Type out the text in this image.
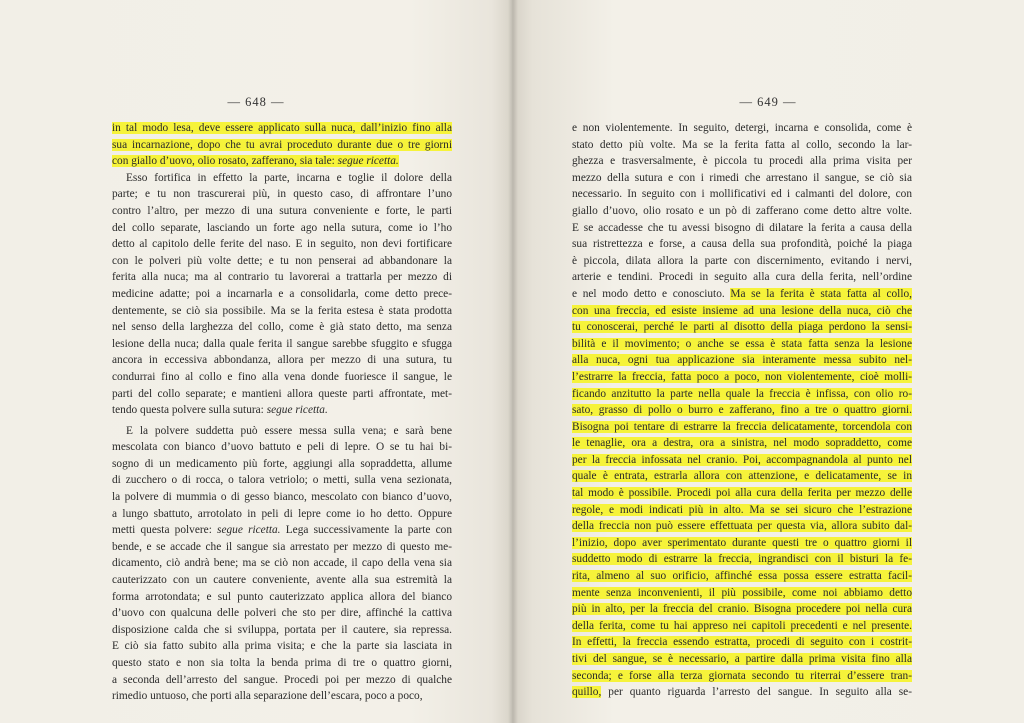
— 648 —
in tal modo lesa, deve essere applicato sulla nuca, dall’inizio fino alla
sua incarnazione, dopo che tu avrai proceduto durante due o tre giorni
con giallo d’uovo, olio rosato, zafferano, sia tale: segue ricetta.
Esso fortifica in effetto la parte, incarna e toglie il dolore della
parte; e tu non trascurerai più, in questo caso, di affrontare l’uno
contro l’altro, per mezzo di una sutura conveniente e forte, le parti
del collo separate, lasciando un forte ago nella sutura, come io l’ho
detto al capitolo delle ferite del naso. E in seguito, non devi fortificare
con le polveri più volte dette; e tu non penserai ad abbandonare la
ferita alla nuca; ma al contrario tu lavorerai a trattarla per mezzo di
medicine adatte; poi a incarnarla e a consolidarla, come detto prece-
dentemente, se ciò sia possibile. Ma se la ferita estesa è stata prodotta
nel senso della larghezza del collo, come è già stato detto, ma senza
lesione della nuca; dalla quale ferita il sangue sarebbe sfuggito e sfugga
ancora in eccessiva abbondanza, allora per mezzo di una sutura, tu
condurrai fino al collo e fino alla vena donde fuoriesce il sangue, le
parti del collo separate; e mantieni allora queste parti affrontate, met-
tendo questa polvere sulla sutura: segue ricetta.
E la polvere suddetta può essere messa sulla vena; e sarà bene
mescolata con bianco d’uovo battuto e peli di lepre. O se tu hai bi-
sogno di un medicamento più forte, aggiungi alla sopraddetta, allume
di zucchero o di rocca, o talora vetriolo; o metti, sulla vena sezionata,
la polvere di mummia o di gesso bianco, mescolato con bianco d’uovo,
a lungo sbattuto, arrotolato in peli di lepre come io ho detto. Oppure
metti questa polvere: segue ricetta. Lega successivamente la parte con
bende, e se accade che il sangue sia arrestato per mezzo di questo me-
dicamento, ciò andrà bene; ma se ciò non accade, il capo della vena sia
cauterizzato con un cautere conveniente, avente alla sua estremità la
forma arrotondata; e sul punto cauterizzato applica allora del bianco
d’uovo con qualcuna delle polveri che sto per dire, affinché la cattiva
disposizione calda che si sviluppa, portata per il cautere, sia repressa.
E ciò sia fatto subito alla prima visita; e che la parte sia lasciata in
questo stato e non sia tolta la benda prima di tre o quattro giorni,
a seconda dell’arresto del sangue. Procedi poi per mezzo di qualche
rimedio untuoso, che porti alla separazione dell’escara, poco a poco,
— 649 —
e non violentemente. In seguito, detergi, incarna e consolida, come è
stato detto più volte. Ma se la ferita fatta al collo, secondo la lar-
ghezza e trasversalmente, è piccola tu procedi alla prima visita per
mezzo della sutura e con i rimedi che arrestano il sangue, se ciò sia
necessario. In seguito con i mollificativi ed i calmanti del dolore, con
giallo d’uovo, olio rosato e un pò di zafferano come detto altre volte.
E se accadesse che tu avessi bisogno di dilatare la ferita a causa della
sua ristrettezza e forse, a causa della sua profondità, poiché la piaga
è piccola, dilata allora la parte con discernimento, evitando i nervi,
arterie e tendini. Procedi in seguito alla cura della ferita, nell’ordine
e nel modo detto e conosciuto. Ma se la ferita è stata fatta al collo,
con una freccia, ed esiste insieme ad una lesione della nuca, ciò che
tu conoscerai, perché le parti al disotto della piaga perdono la sensi-
bilità e il movimento; o anche se essa è stata fatta senza la lesione
alla nuca, ogni tua applicazione sia interamente messa subito nel-
l’estrarre la freccia, fatta poco a poco, non violentemente, cioè molli-
ficando anzitutto la parte nella quale la freccia è infissa, con olio ro-
sato, grasso di pollo o burro e zafferano, fino a tre o quattro giorni.
Bisogna poi tentare di estrarre la freccia delicatamente, torcendola con
le tenaglie, ora a destra, ora a sinistra, nel modo sopraddetto, come
per la freccia infossata nel cranio. Poi, accompagnandola al punto nel
quale è entrata, estrarla allora con attenzione, e delicatamente, se in
tal modo è possibile. Procedi poi alla cura della ferita per mezzo delle
regole, e modi indicati più in alto. Ma se sei sicuro che l’estrazione
della freccia non può essere effettuata per questa via, allora subito dal-
l’inizio, dopo aver sperimentato durante questi tre o quattro giorni il
suddetto modo di estrarre la freccia, ingrandisci con il bisturi la fe-
rita, almeno al suo orificio, affinché essa possa essere estratta facil-
mente senza inconvenienti, il più possibile, come noi abbiamo detto
più in alto, per la freccia del cranio. Bisogna procedere poi nella cura
della ferita, come tu hai appreso nei capitoli precedenti e nel presente.
In effetti, la freccia essendo estratta, procedi di seguito con i costrit-
tivi del sangue, se è necessario, a partire dalla prima visita fino alla
seconda; e forse alla terza giornata secondo tu riterrai d’essere tran-
quillo, per quanto riguarda l’arresto del sangue. In seguito alla se-
